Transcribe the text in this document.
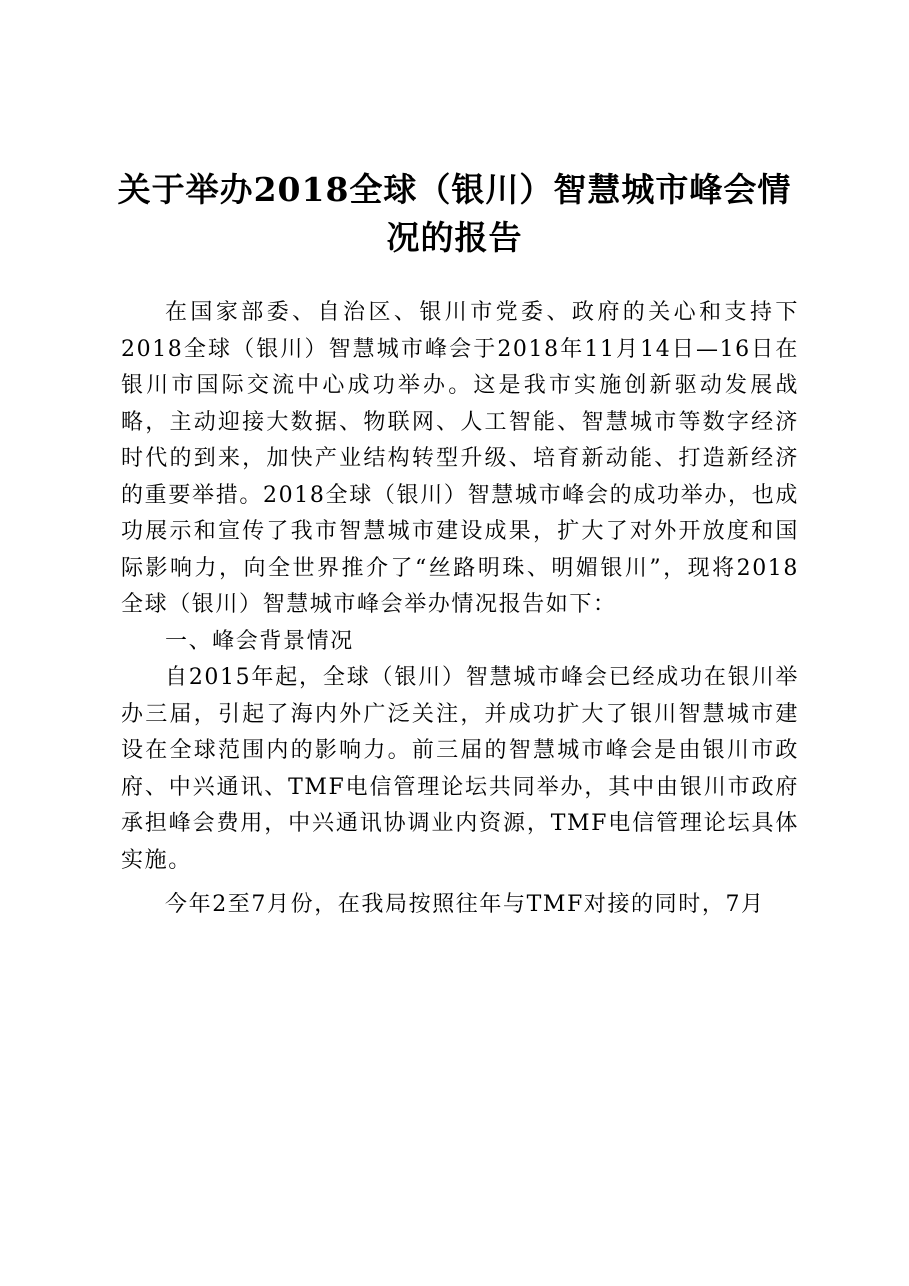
关于举办2018全球（银川）智慧城市峰会情况的报告

在国家部委、自治区、银川市党委、政府的关心和支持下2018全球（银川）智慧城市峰会于2018年11月14日—16日在银川市国际交流中心成功举办。这是我市实施创新驱动发展战略，主动迎接大数据、物联网、人工智能、智慧城市等数字经济时代的到来，加快产业结构转型升级、培育新动能、打造新经济的重要举措。2018全球（银川）智慧城市峰会的成功举办，也成功展示和宣传了我市智慧城市建设成果，扩大了对外开放度和国际影响力，向全世界推介了“丝路明珠、明媚银川”，现将2018全球（银川）智慧城市峰会举办情况报告如下：

一、峰会背景情况

自2015年起，全球（银川）智慧城市峰会已经成功在银川举办三届，引起了海内外广泛关注，并成功扩大了银川智慧城市建设在全球范围内的影响力。前三届的智慧城市峰会是由银川市政府、中兴通讯、TMF电信管理论坛共同举办，其中由银川市政府承担峰会费用，中兴通讯协调业内资源，TMF电信管理论坛具体实施。

今年2至7月份，在我局按照往年与TMF对接的同时，7月
